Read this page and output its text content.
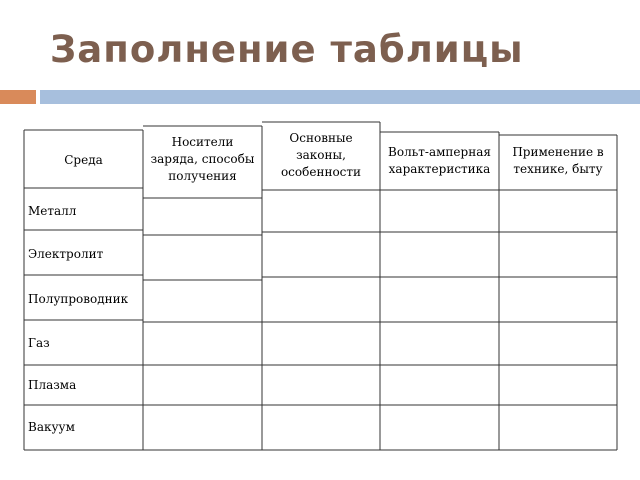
Заполнение таблицы
Среда
Носители
заряда, способы
получения
Основные
законы,
особенности
Вольт-амперная
характеристика
Применение в
технике, быту
Металл
Электролит
Полупроводник
Газ
Плазма
Вакуум
